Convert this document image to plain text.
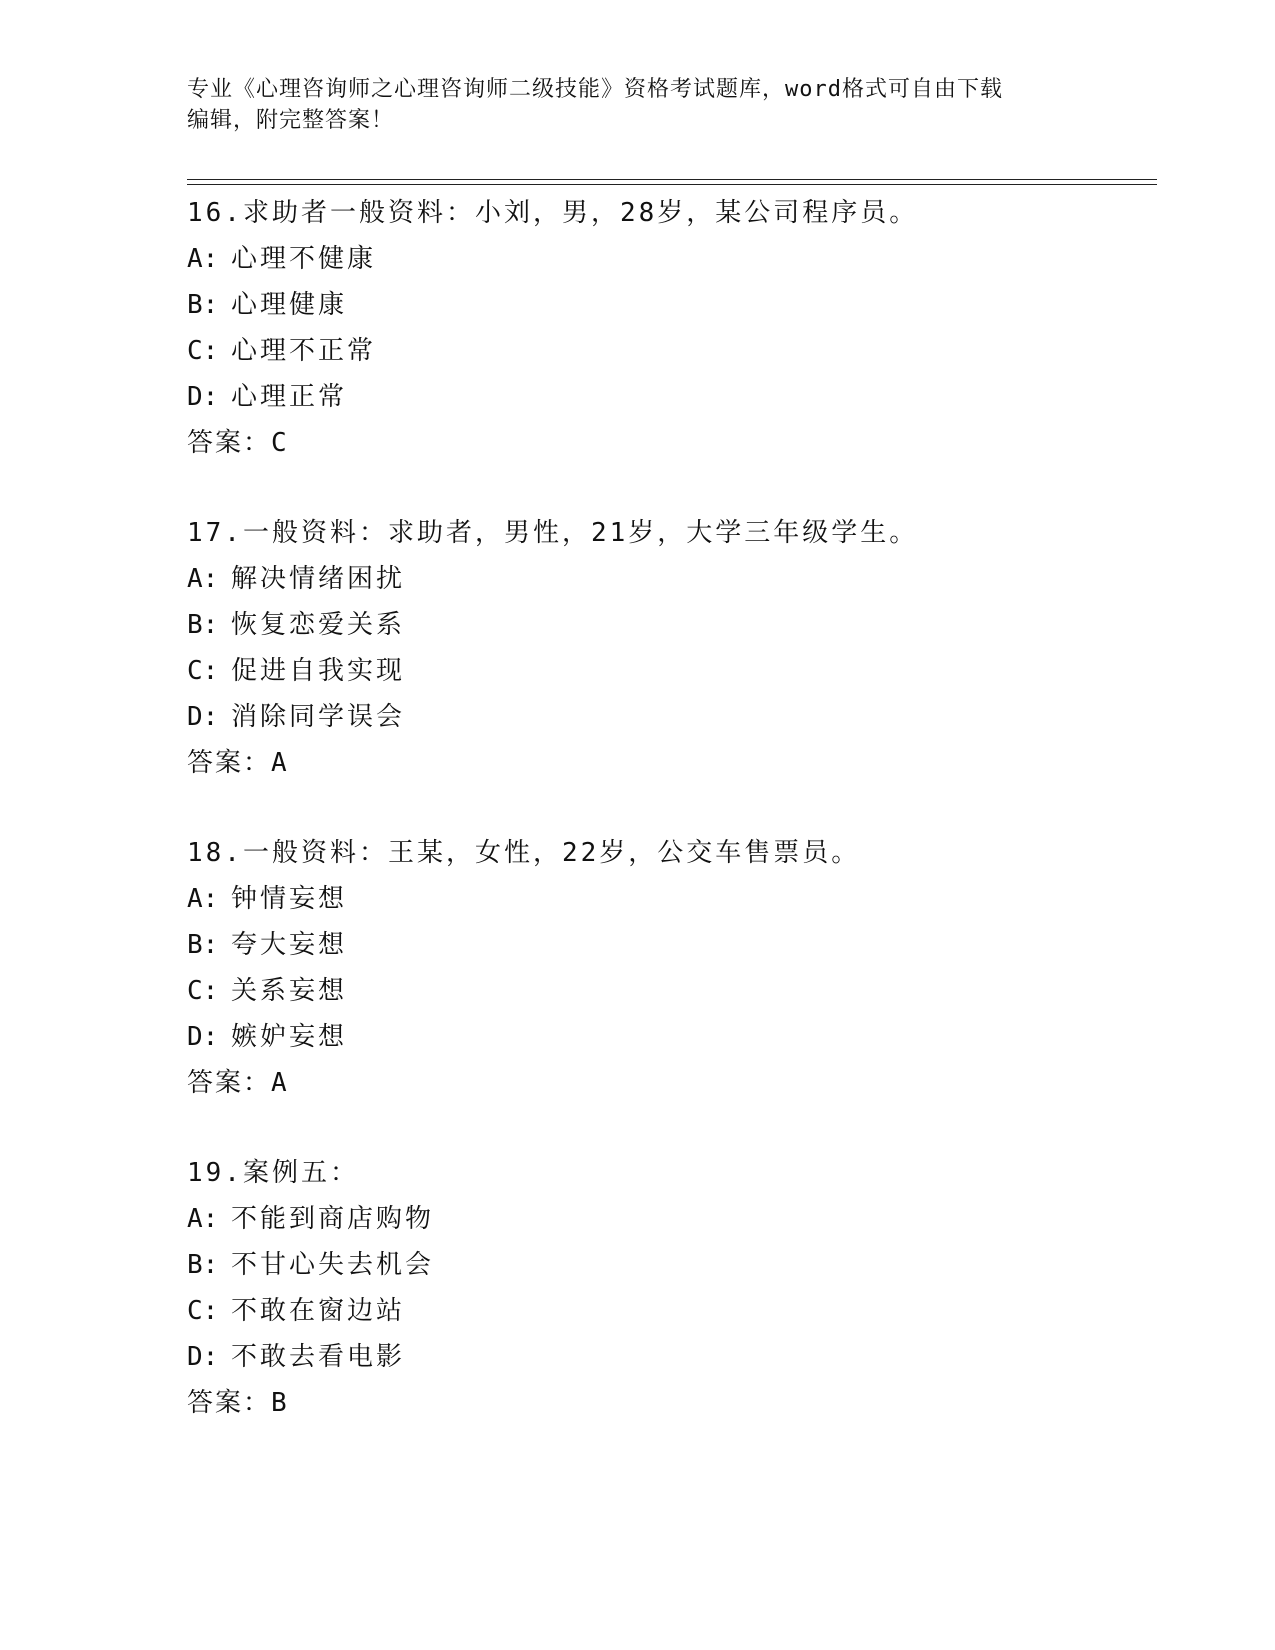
专业《心理咨询师之心理咨询师二级技能》资格考试题库，word格式可自由下载
编辑，附完整答案！
16.求助者一般资料：小刘，男，28岁，某公司程序员。
A: 心理不健康
B: 心理健康
C: 心理不正常
D: 心理正常
答案：C
17.一般资料：求助者，男性，21岁，大学三年级学生。
A: 解决情绪困扰
B: 恢复恋爱关系
C: 促进自我实现
D: 消除同学误会
答案：A
18.一般资料：王某，女性，22岁，公交车售票员。
A: 钟情妄想
B: 夸大妄想
C: 关系妄想
D: 嫉妒妄想
答案：A
19.案例五：
A: 不能到商店购物
B: 不甘心失去机会
C: 不敢在窗边站
D: 不敢去看电影
答案：B
